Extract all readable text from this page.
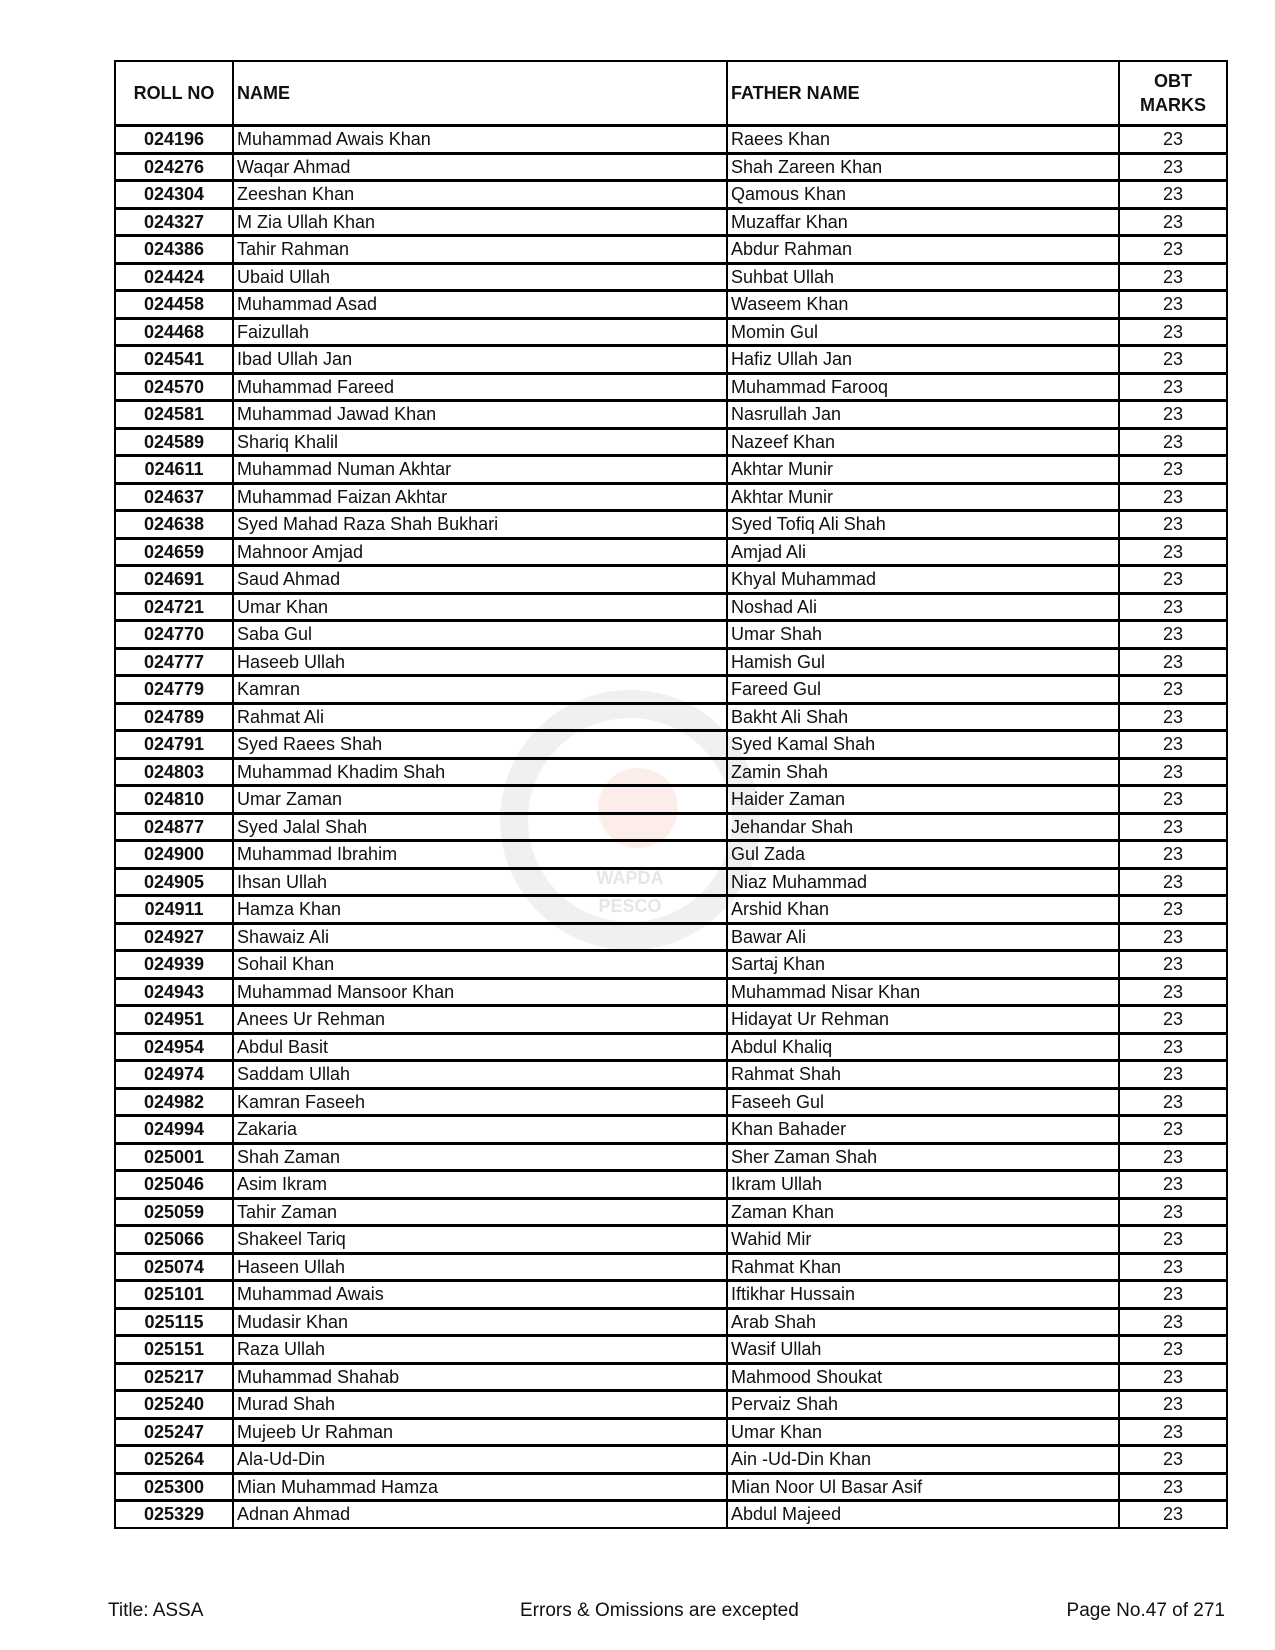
WAPDA
PESCO
ROLL NO	NAME	FATHER NAME	OBT
MARKS
024196	Muhammad Awais Khan	Raees Khan	23
024276	Waqar Ahmad	Shah Zareen Khan	23
024304	Zeeshan Khan	Qamous Khan	23
024327	M Zia Ullah Khan	Muzaffar Khan	23
024386	Tahir Rahman	Abdur Rahman	23
024424	Ubaid Ullah	Suhbat Ullah	23
024458	Muhammad Asad	Waseem Khan	23
024468	Faizullah	Momin Gul	23
024541	Ibad Ullah Jan	Hafiz Ullah Jan	23
024570	Muhammad Fareed	Muhammad Farooq	23
024581	Muhammad Jawad Khan	Nasrullah Jan	23
024589	Shariq Khalil	Nazeef Khan	23
024611	Muhammad Numan Akhtar	Akhtar Munir	23
024637	Muhammad Faizan Akhtar	Akhtar Munir	23
024638	Syed Mahad Raza Shah Bukhari	Syed Tofiq Ali Shah	23
024659	Mahnoor Amjad	Amjad Ali	23
024691	Saud Ahmad	Khyal Muhammad	23
024721	Umar Khan	Noshad Ali	23
024770	Saba Gul	Umar Shah	23
024777	Haseeb Ullah	Hamish Gul	23
024779	Kamran	Fareed Gul	23
024789	Rahmat Ali	Bakht Ali Shah	23
024791	Syed Raees Shah	Syed Kamal Shah	23
024803	Muhammad Khadim Shah	Zamin Shah	23
024810	Umar Zaman	Haider Zaman	23
024877	Syed Jalal Shah	Jehandar Shah	23
024900	Muhammad Ibrahim	Gul Zada	23
024905	Ihsan Ullah	Niaz Muhammad	23
024911	Hamza Khan	Arshid Khan	23
024927	Shawaiz Ali	Bawar Ali	23
024939	Sohail Khan	Sartaj Khan	23
024943	Muhammad Mansoor Khan	Muhammad Nisar Khan	23
024951	Anees Ur Rehman	Hidayat Ur Rehman	23
024954	Abdul Basit	Abdul Khaliq	23
024974	Saddam Ullah	Rahmat Shah	23
024982	Kamran Faseeh	Faseeh Gul	23
024994	Zakaria	Khan Bahader	23
025001	Shah Zaman	Sher Zaman Shah	23
025046	Asim Ikram	Ikram Ullah	23
025059	Tahir Zaman	Zaman Khan	23
025066	Shakeel Tariq	Wahid Mir	23
025074	Haseen Ullah	Rahmat Khan	23
025101	Muhammad Awais	Iftikhar Hussain	23
025115	Mudasir Khan	Arab Shah	23
025151	Raza Ullah	Wasif Ullah	23
025217	Muhammad Shahab	Mahmood Shoukat	23
025240	Murad Shah	Pervaiz Shah	23
025247	Mujeeb Ur Rahman	Umar Khan	23
025264	Ala-Ud-Din	Ain -Ud-Din Khan	23
025300	Mian Muhammad Hamza	Mian Noor Ul Basar Asif	23
025329	Adnan Ahmad	Abdul Majeed	23
Title: ASSA	Errors & Omissions are excepted	Page No.47 of 271
